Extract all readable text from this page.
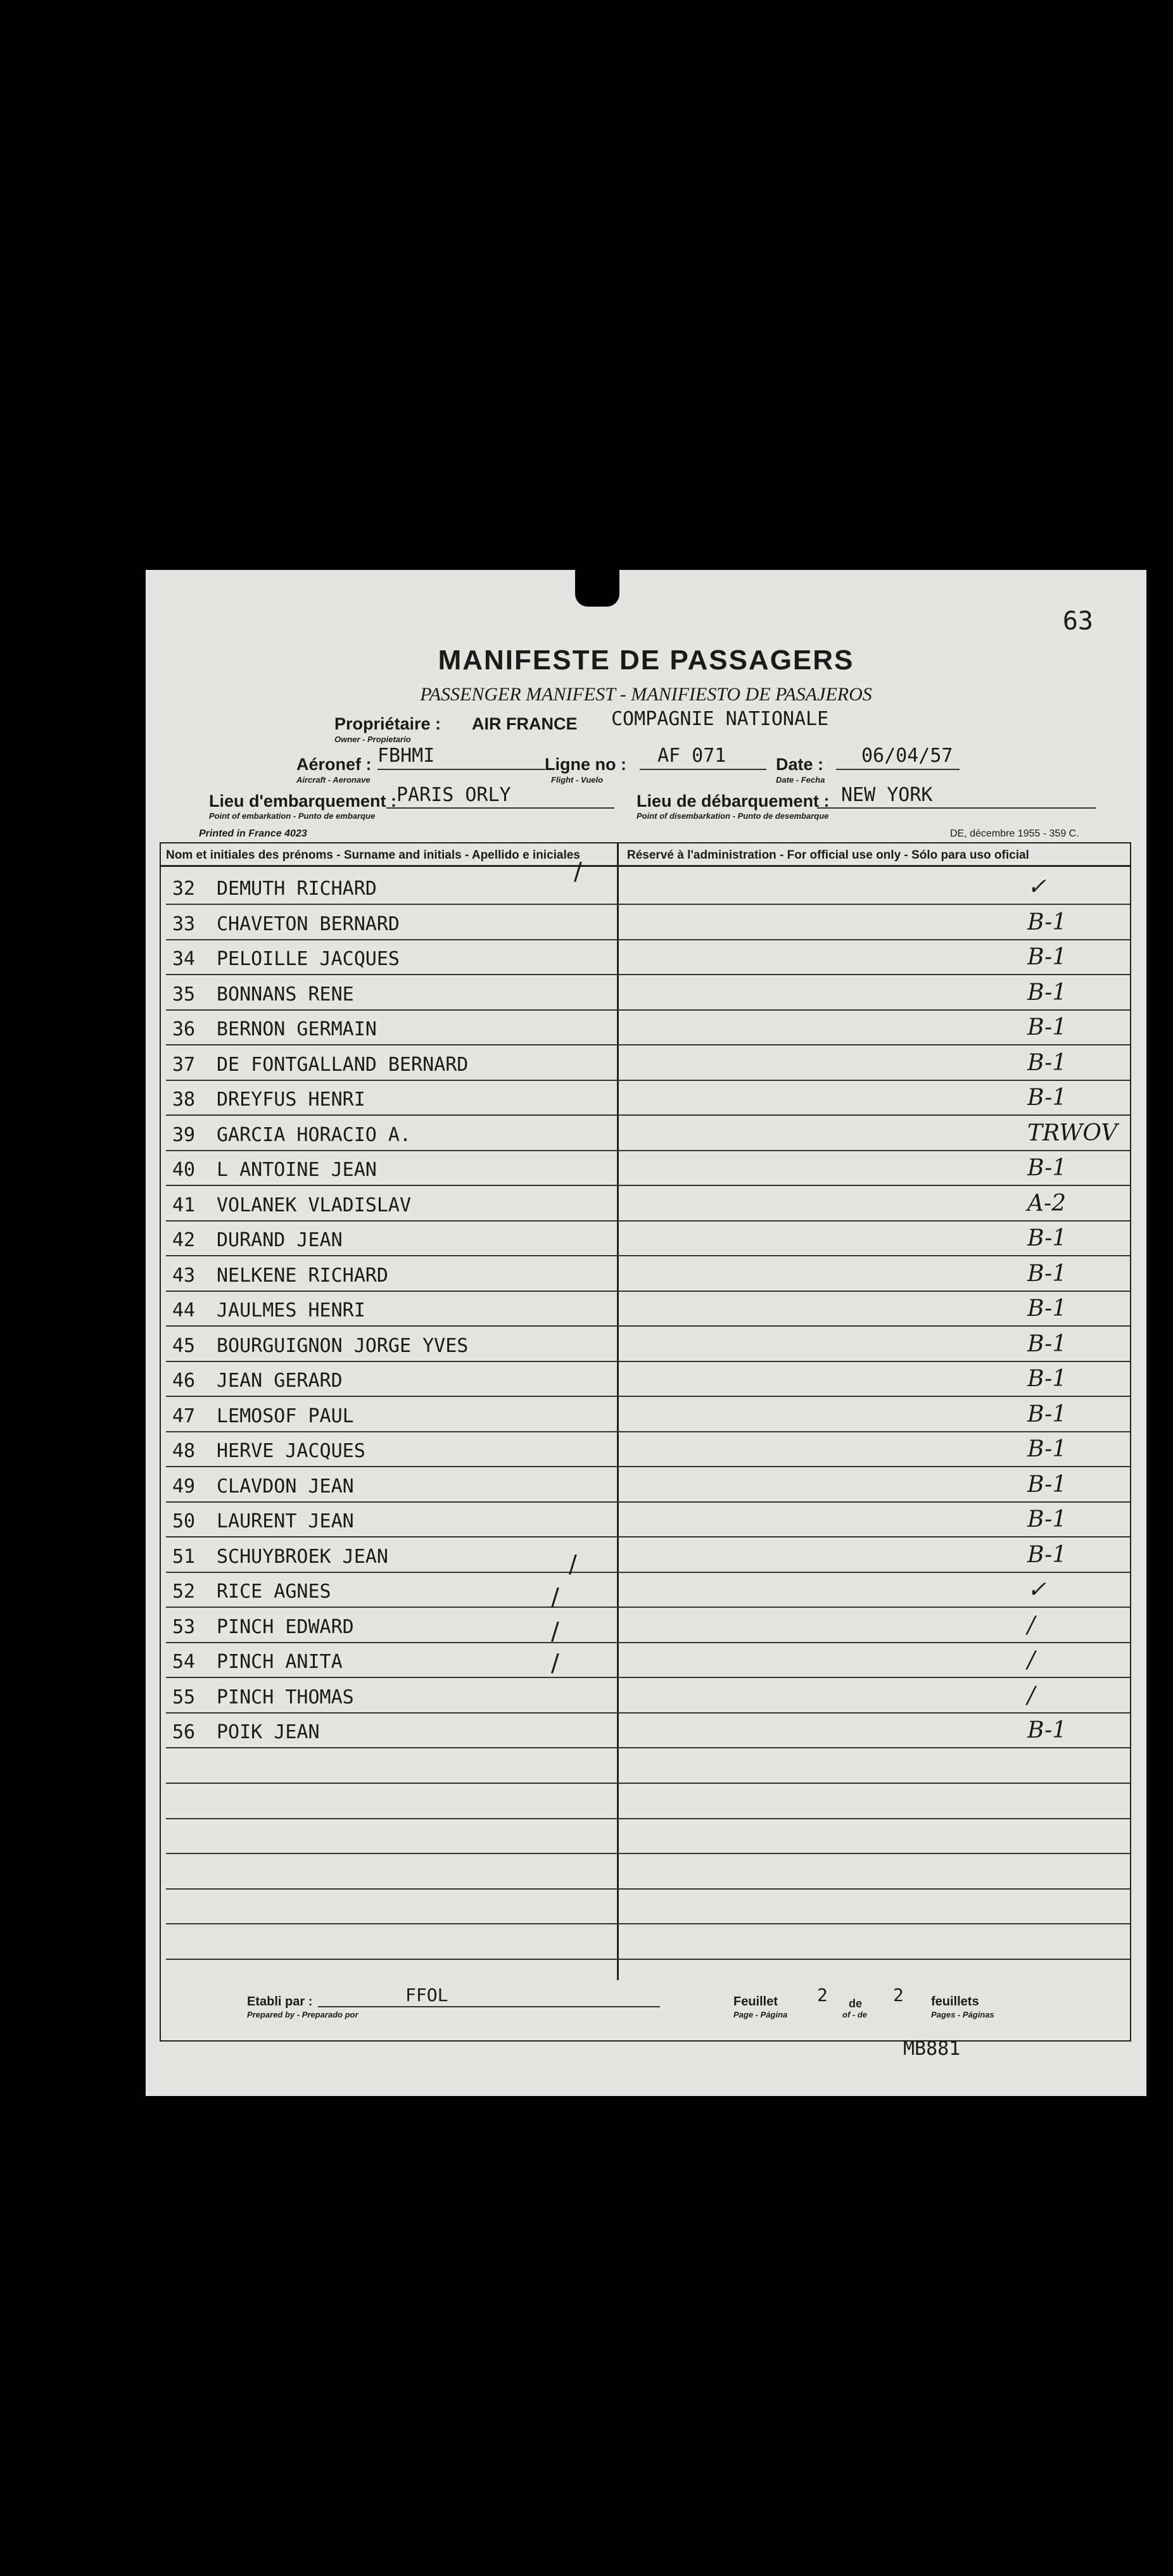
63
MANIFESTE DE PASSAGERS
PASSENGER MANIFEST - MANIFIESTO DE PASAJEROS
Propriétaire :
Owner - Propietario
AIR FRANCE COMPAGNIE NATIONALE
Aéronef :
Aircraft - Aeronave
FBHMI	Ligne no :
Flight - Vuelo
AF 071	Date :
Date - Fecha
06/04/57
Lieu d'embarquement :
Point of embarkation - Punto de embarque
PARIS ORLY	Lieu de débarquement :
Point of disembarkation - Punto de desembarque
NEW YORK
Printed in France 4023	DE, décembre 1955 - 359 C.
Nom et initiales des prénoms - Surname and initials - Apellido e iniciales	Réservé à l'administration - For official use only - Sólo para uso oficial
32 DEMUTH RICHARD	✓
33 CHAVETON BERNARD	B-1
34 PELOILLE JACQUES	B-1
35 BONNANS RENE	B-1
36 BERNON GERMAIN	B-1
37 DE FONTGALLAND BERNARD	B-1
38 DREYFUS HENRI	B-1
39 GARCIA HORACIO A.	TRWOV
40 L ANTOINE JEAN	B-1
41 VOLANEK VLADISLAV	A-2
42 DURAND JEAN	B-1
43 NELKENE RICHARD	B-1
44 JAULMES HENRI	B-1
45 BOURGUIGNON JORGE YVES	B-1
46 JEAN GERARD	B-1
47 LEMOSOF PAUL	B-1
48 HERVE JACQUES	B-1
49 CLAVDON JEAN	B-1
50 LAURENT JEAN	B-1
51 SCHUYBROEK JEAN	B-1
52 RICE AGNES	✓
53 PINCH EDWARD	/
54 PINCH ANITA	/
55 PINCH THOMAS	/
56 POIK JEAN	B-1
/
/
/
/
/
Etabli par :
Prepared by - Preparado por
FFOL	Feuillet 2 de 2 feuillets
Page - Página	of - de	Pages - Páginas
MB881
